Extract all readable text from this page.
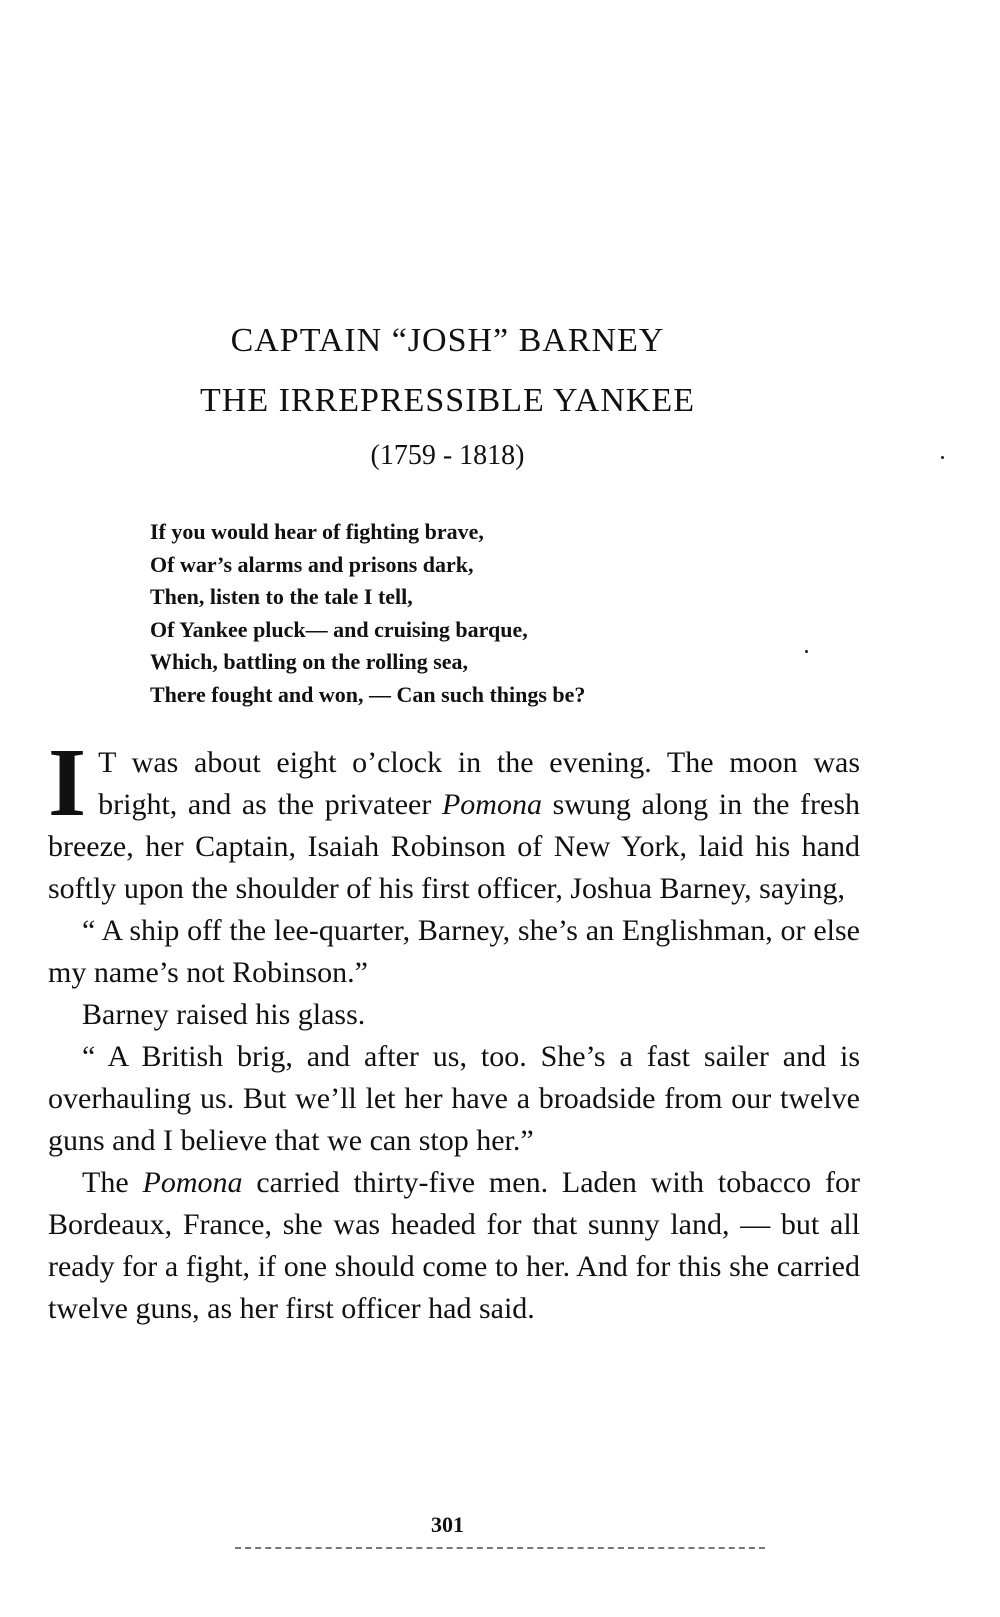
CAPTAIN “JOSH” BARNEY
THE IRREPRESSIBLE YANKEE
(1759 - 1818)
If you would hear of fighting brave,
Of war’s alarms and prisons dark,
Then, listen to the tale I tell,
Of Yankee pluck— and cruising barque,
Which, battling on the rolling sea,
There fought and won, — Can such things be?

I T was about eight o’clock in the evening. The moon was bright, and as the privateer Pomona swung along in the fresh breeze, her Captain, Isaiah Robinson of New York, laid his hand softly upon the shoulder of his first officer, Joshua Barney, saying,

“ A ship off the lee-quarter, Barney, she’s an Englishman, or else my name’s not Robinson.”

Barney raised his glass.

“ A British brig, and after us, too. She’s a fast sailer and is overhauling us. But we’ll let her have a broadside from our twelve guns and I believe that we can stop her.”

The Pomona carried thirty-five men. Laden with tobacco for Bordeaux, France, she was headed for that sunny land, — but all ready for a fight, if one should come to her. And for this she carried twelve guns, as her first officer had said.

301
